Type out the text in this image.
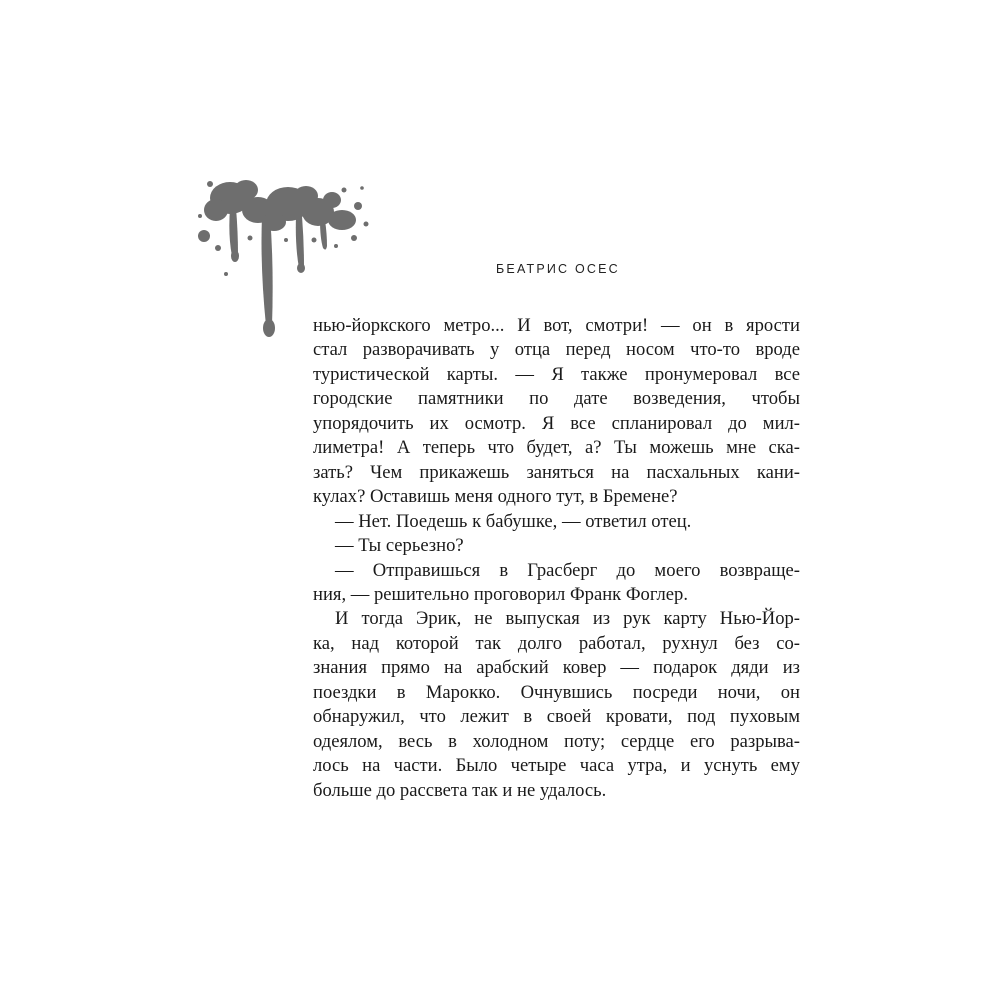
БЕАТРИС ОСЕС
нью-йоркского метро... И вот, смотри! — он в ярости
стал разворачивать у отца перед носом что-то вроде
туристической карты. — Я также пронумеровал все
городские памятники по дате возведения, чтобы
упорядочить их осмотр. Я все спланировал до мил-
лиметра! А теперь что будет, а? Ты можешь мне ска-
зать? Чем прикажешь заняться на пасхальных кани-
кулах? Оставишь меня одного тут, в Бремене?
— Нет. Поедешь к бабушке, — ответил отец.
— Ты серьезно?
— Отправишься в Грасберг до моего возвраще-
ния, — решительно проговорил Франк Фоглер.
И тогда Эрик, не выпуская из рук карту Нью-Йор-
ка, над которой так долго работал, рухнул без со-
знания прямо на арабский ковер — подарок дяди из
поездки в Марокко. Очнувшись посреди ночи, он
обнаружил, что лежит в своей кровати, под пуховым
одеялом, весь в холодном поту; сердце его разрыва-
лось на части. Было четыре часа утра, и уснуть ему
больше до рассвета так и не удалось.
